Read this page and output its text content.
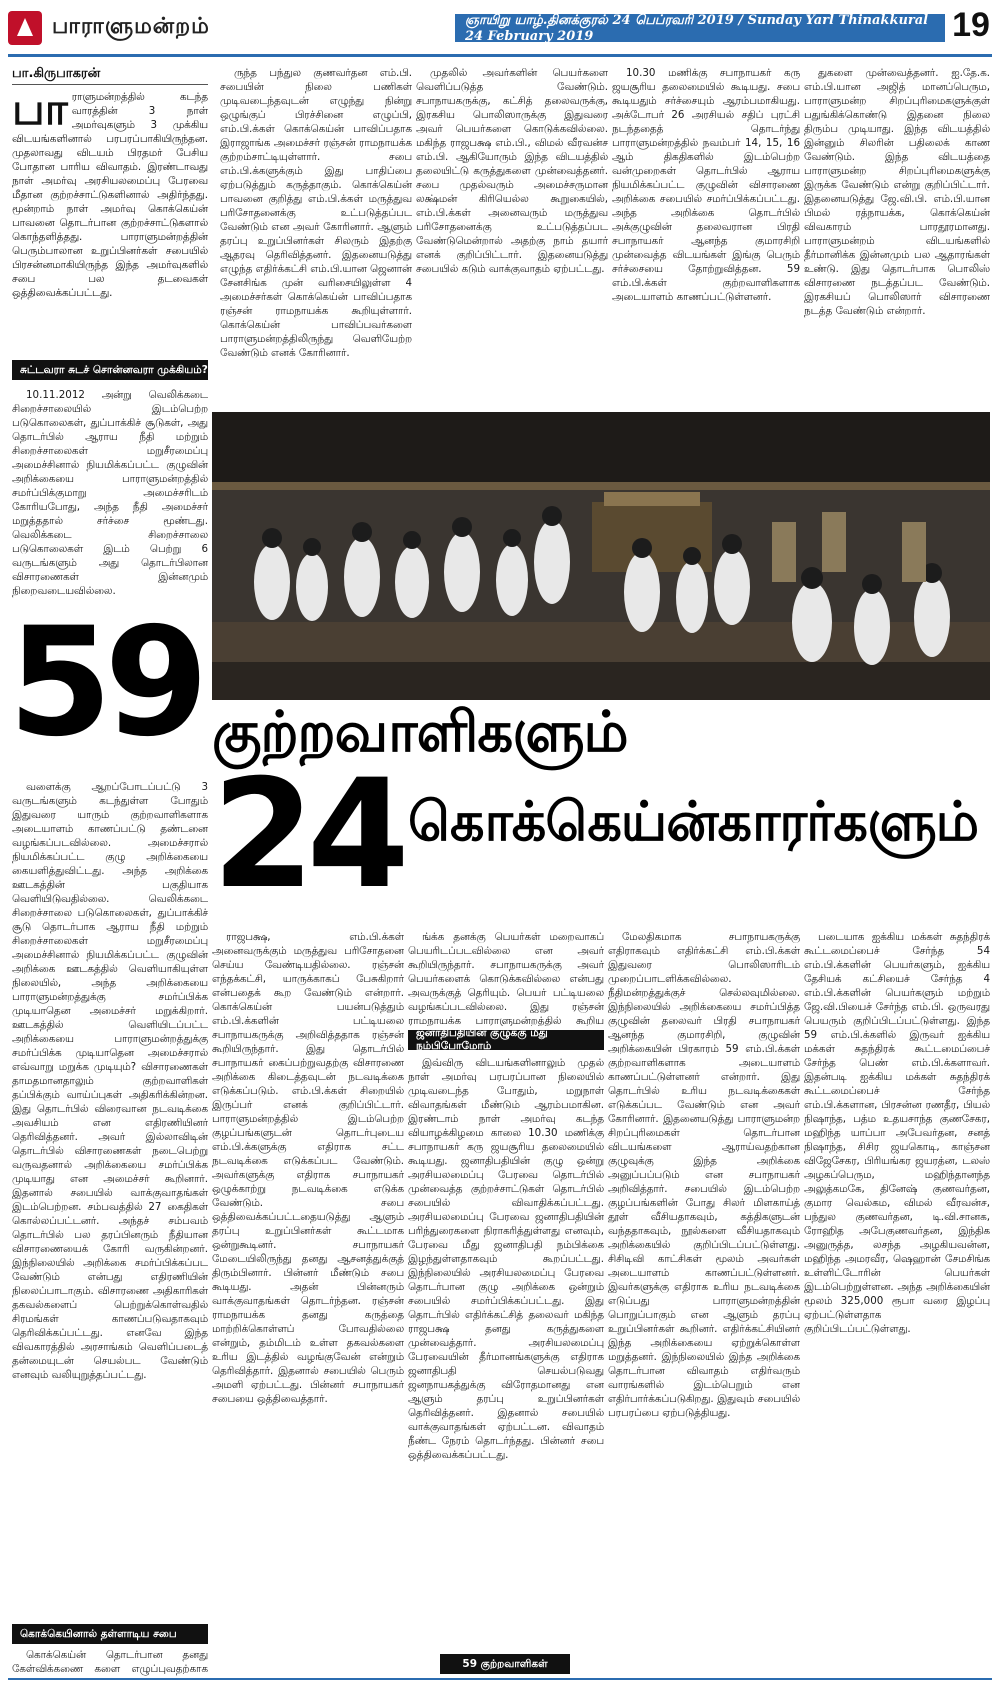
பாராளுமன்றம்	ஞாயிறு யாழ்.தினக்குரல் 24 பெப்ரவரி 2019 / Sunday Yarl Thinakkural 24 February 2019	19
பா.கிருபாகரன்
பா ராளுமன்றத்தில் கடந்த வாரத்தின் 3 நாள் அமர்வுகளும் 3 முக்கிய விடயங்களினால் பரபரப்பாகியிருந்தன. முதலாவது விடயம் பிரதமர் பேசிய போதான பாரிய விவாதம். இரண்டாவது நாள் அமர்வு அரசியலமைப்பு பேரவை மீதான குற்றச்சாட்டுகளினால் அதிர்ந்தது. மூன்றாம் நாள் அமர்வு கொக்கெய்ன் பாவனை தொடர்பான குற்றச்சாட்டுகளால் கொந்தளித்தது. பாராளுமன்றத்தின் பெரும்பாலான உறுப்பினர்கள் சபையில் பிரசன்னமாகியிருந்த இந்த அமர்வுகளில் சபை பல தடவைகள் ஒத்திவைக்கப்பட்டது.
சுட்டவரா சுடச் சொன்னவரா முக்கியம்?

10.11.2012 அன்று வெலிக்கடை சிறைச்சாலையில் இடம்பெற்ற படுகொலைகள், துப்பாக்கிச் சூடுகள், அது தொடர்பில் ஆராய நீதி மற்றும் சிறைச்சாலைகள் மறுசீரமைப்பு அமைச்சினால் நியமிக்கப்பட்ட குழுவின் அறிக்கையை பாராளுமன்றத்தில் சமர்ப்பிக்குமாறு அமைச்சரிடம் கோரியபோது, அந்த நீதி அமைச்சர் மறுத்ததால் சர்ச்சை மூண்டது. வெலிக்கடை சிறைச்சாலை படுகொலைகள் இடம் பெற்று 6 வருடங்களும் அது தொடர்பிலான விசாரணைகள் இன்னமும் நிறைவடையவில்லை.

ருந்த பந்துல குணவர்தன எம்.பி. சபையின் நிலை பணிகள் முடிவடைந்தவுடன் எழுந்து நின்று ஒழுங்குப் பிரச்சினை எழுப்பி, எம்.பி.க்கள் கொக்கெய்ன் பாவிப்பதாக இராஜாங்க அமைச்சர் ரஞ்சன் ராமநாயக்க குற்றம்சாட்டியுள்ளார். சபை எம்.பி.க்களுக்கும் இது பாதிப்பை ஏற்படுத்தும் கருத்தாகும். கொக்கெய்ன் பாவனை குறித்து எம்.பி.க்கள் மருத்துவ பரிசோதனைக்கு உட்படுத்தப்பட வேண்டும் என அவர் கோரினார். ஆளும் தரப்பு உறுப்பினர்கள் சிலரும் இதற்கு ஆதரவு தெரிவித்தனர். இதனையடுத்து எழுந்த எதிர்க்கட்சி எம்.பி.யான ஜெனான் சேனசிங்க முன் வரிசையிலுள்ள 4 அமைச்சர்கள் கொக்கெய்ன் பாவிப்பதாக ரஞ்சன் ராமநாயக்க கூறியுள்ளார். கொக்கெய்ன் பாவிப்பவர்களை பாராளுமன்றத்திலிருந்து வெளியேற்ற வேண்டும் எனக் கோரினார்.

முதலில் அவர்களின் பெயர்களை வெளிப்படுத்த வேண்டும். சபாநாயகருக்கு, கட்சித் தலைவருக்கு, இரகசிய பொலிஸாருக்கு இதுவரை அவர் பெயர்களை கொடுக்கவில்லை. மகிந்த ராஜபக்ஷ எம்.பி., விமல் வீரவன்ச எம்.பி. ஆகியோரும் இந்த விடயத்தில் தலையிட்டு கருத்துகளை முன்வைத்தனர். சபை முதல்வரும் அமைச்சருமான லக்ஷ்மன் கிரியெல்ல கூறுகையில், எம்.பி.க்கள் அனைவரும் மருத்துவ பரிசோதனைக்கு உட்படுத்தப்பட வேண்டுமென்றால் அதற்கு நாம் தயார் எனக் குறிப்பிட்டார். இதனையடுத்து சபையில் கடும் வாக்குவாதம் ஏற்பட்டது.

10.30 மணிக்கு சபாநாயகர் கரு ஜயசூரிய தலைமையில் கூடியது. சபை கூடியதும் சர்ச்சையும் ஆரம்பமாகியது. அக்டோபர் 26 அரசியல் சதிப் புரட்சி நடந்ததைத் தொடர்ந்து பாராளுமன்றத்தில் நவம்பர் 14, 15, 16 ஆம் திகதிகளில் இடம்பெற்ற வன்முறைகள் தொடர்பில் ஆராய நியமிக்கப்பட்ட குழுவின் விசாரணை அறிக்கை சபையில் சமர்ப்பிக்கப்பட்டது. அந்த அறிக்கை தொடர்பில் அக்குழுவின் தலைவரான பிரதி சபாநாயகர் ஆனந்த குமாரசிறி முன்வைத்த விடயங்கள் இங்கு பெரும் சர்ச்சையை தோற்றுவித்தன. 59 எம்.பி.க்கள் குற்றவாளிகளாக அடையாளம் காணப்பட்டுள்ளனர்.

துகளை முன்வைத்தனர். ஐ.தே.க. எம்.பி.யான அஜித் மானப்பெரும, பாராளுமன்ற சிறப்புரிமைகளுக்குள் பதுங்கிக்கொண்டு இதனை நிலை திரும்ப முடியாது. இந்த விடயத்தில் இன்னும் சிலரின் பதிலைக் காண வேண்டும். இந்த விடயத்தை பாராளுமன்ற சிறப்புரிமைகளுக்கு இருக்க வேண்டும் என்று குறிப்பிட்டார். இதனையடுத்து ஜே.வி.பி. எம்.பி.யான பிமல் ரத்நாயக்க, கொக்கெய்ன் விவகாரம் பாரதூரமானது. பாராளுமன்றம் விடயங்களில் தீர்மானிக்க இன்னமும் பல ஆதாரங்கள் உண்டு. இது தொடர்பாக பொலிஸ் விசாரணை நடத்தப்பட வேண்டும். இரகசியப் பொலிஸார் விசாரணை நடத்த வேண்டும் என்றார்.

59 குற்றவாளிகளும்
24 கொக்கெய்ன்காரர்களும்

வளைக்கு ஆறப்போடப்பட்டு 3 வருடங்களும் கடந்துள்ள போதும் இதுவரை யாரும் குற்றவாளிகளாக அடையாளம் காணப்பட்டு தண்டனை வழங்கப்படவில்லை. அமைச்சரால் நியமிக்கப்பட்ட குழு அறிக்கையை கையளித்துவிட்டது. அந்த அறிக்கை ஊடகத்தின் பகுதியாக வெளியிடுவதில்லை. வெலிக்கடை சிறைச்சாலை படுகொலைகள், துப்பாக்கிச் சூடு தொடர்பாக ஆராய நீதி மற்றும் சிறைச்சாலைகள் மறுசீரமைப்பு அமைச்சினால் நியமிக்கப்பட்ட குழுவின் அறிக்கை ஊடகத்தில் வெளியாகியுள்ள நிலையில், அந்த அறிக்கையை பாராளுமன்றத்துக்கு சமர்ப்பிக்க முடியாதென அமைச்சர் மறுக்கிறார். ஊடகத்தில் வெளியிடப்பட்ட அறிக்கையை பாராளுமன்றத்துக்கு சமர்ப்பிக்க முடியாதென அமைச்சரால் எவ்வாறு மறுக்க முடியும்? விசாரணைகள் தாமதமானதாலும் குற்றவாளிகள் தப்பிக்கும் வாய்ப்புகள் அதிகரிக்கின்றன. இது தொடர்பில் விரைவான நடவடிக்கை அவசியம் என எதிரணியினர் தெரிவித்தனர். அவர் இல்லாவிடின் தொடர்பில் விசாரணைகள் நடைபெற்று வருவதனால் அறிக்கையை சமர்ப்பிக்க முடியாது என அமைச்சர் கூறினார். இதனால் சபையில் வாக்குவாதங்கள் இடம்பெற்றன. சம்பவத்தில் 27 கைதிகள் கொல்லப்பட்டனர். அந்தச் சம்பவம் தொடர்பில் பல தரப்பினரும் நீதியான விசாரணையைக் கோரி வருகின்றனர். இந்நிலையில் அறிக்கை சமர்ப்பிக்கப்பட வேண்டும் என்பது எதிரணியின் நிலைப்பாடாகும். விசாரணை அதிகாரிகள் தகவல்களைப் பெற்றுக்கொள்வதில் சிரமங்கள் காணப்படுவதாகவும் தெரிவிக்கப்பட்டது. எனவே இந்த விவகாரத்தில் அரசாங்கம் வெளிப்படைத் தன்மையுடன் செயல்பட வேண்டும் எனவும் வலியுறுத்தப்பட்டது.

கொக்கெயினால் தள்ளாடிய சபை

கொக்கெய்ன் தொடர்பான தனது கேள்விக்கணை களை எழுப்புவதற்காக

ராஜபக்ஷ, எம்.பி.க்கள் அனைவருக்கும் மருத்துவ பரிசோதனை செய்ய வேண்டியதில்லை. ரஞ்சன் எந்தக்கட்சி, யாருக்காகப் பேசுகிறார் என்பதைக் கூற வேண்டும் என்றார். கொக்கெய்ன் பயன்படுத்தும் எம்.பி.க்களின் பட்டியலை சபாநாயகருக்கு அறிவித்ததாக ரஞ்சன் கூறியிருந்தார். இது தொடர்பில் சபாநாயகர் கைப்பற்றுவதற்கு விசாரணை அறிக்கை கிடைத்தவுடன் நடவடிக்கை எடுக்கப்படும். எம்.பி.க்கள் சிறையில் இருப்பர் எனக் குறிப்பிட்டார். பாராளுமன்றத்தில் இடம்பெற்ற குழப்பங்களுடன் தொடர்புடைய எம்.பி.க்களுக்கு எதிராக சட்ட நடவடிக்கை எடுக்கப்பட வேண்டும். அவர்களுக்கு எதிராக சபாநாயகர் ஒழுக்காற்று நடவடிக்கை எடுக்க வேண்டும். சபை ஒத்திவைக்கப்பட்டதையடுத்து ஆளும் தரப்பு உறுப்பினர்கள் கூட்டமாக ஒன்றுகூடினர். சபாநாயகர் மேடையிலிருந்து தனது ஆசனத்துக்குத் திரும்பினார். பின்னர் மீண்டும் சபை கூடியது. அதன் பின்னரும் வாக்குவாதங்கள் தொடர்ந்தன. ரஞ்சன் ராமநாயக்க தனது கருத்தை மாற்றிக்கொள்ளப் போவதில்லை என்றும், தம்மிடம் உள்ள தகவல்களை உரிய இடத்தில் வழங்குவேன் என்றும் தெரிவித்தார். இதனால் சபையில் பெரும் அமளி ஏற்பட்டது. பின்னர் சபாநாயகர் சபையை ஒத்திவைத்தார்.

ங்க்க தனக்கு பெயர்கள் மறைவாகப் பெயரிடப்படவில்லை என அவர் கூறியிருந்தார். சபாநாயகருக்கு அவர் பெயர்களைக் கொடுக்கவில்லை என்பது அவருக்குத் தெரியும். பெயர் பட்டியலை வழங்கப்படவில்லை. இது ரஞ்சன் ராமநாயக்க பாராளுமன்றத்தில் கூறிய

ஜனாதிபதியின் குழுக்கு மீது நம்பிபோமோம்

இவ்விரு விடயங்களினாலும் முதல் நாள் அமர்வு பரபரப்பான நிலையில் முடிவடைந்த போதும், மறுநாள் விவாதங்கள் மீண்டும் ஆரம்பமாகின. இரண்டாம் நாள் அமர்வு கடந்த வியாழக்கிழமை காலை 10.30 மணிக்கு சபாநாயகர் கரு ஜயசூரிய தலைமையில் கூடியது. ஜனாதிபதியின் குழு ஒன்று அரசியலமைப்பு பேரவை தொடர்பில் முன்வைத்த குற்றச்சாட்டுகள் தொடர்பில் சபையில் விவாதிக்கப்பட்டது. அரசியலமைப்பு பேரவை ஜனாதிபதியின் பரிந்துரைகளை நிராகரித்துள்ளது எனவும், பேரவை மீது ஜனாதிபதி நம்பிக்கை இழந்துள்ளதாகவும் கூறப்பட்டது. இந்நிலையில் அரசியலமைப்பு பேரவை தொடர்பான குழு அறிக்கை ஒன்றும் சபையில் சமர்ப்பிக்கப்பட்டது. இது தொடர்பில் எதிர்க்கட்சித் தலைவர் மகிந்த ராஜபக்ஷ தனது கருத்துகளை முன்வைத்தார். அரசியலமைப்பு பேரவையின் தீர்மானங்களுக்கு எதிராக ஜனாதிபதி செயல்படுவது ஜனநாயகத்துக்கு விரோதமானது என ஆளும் தரப்பு உறுப்பினர்கள் தெரிவித்தனர். இதனால் சபையில் வாக்குவாதங்கள் ஏற்பட்டன. விவாதம் நீண்ட நேரம் தொடர்ந்தது. பின்னர் சபை ஒத்திவைக்கப்பட்டது.

மேலதிகமாக சபாநாயகருக்கு எதிராகவும் எதிர்க்கட்சி எம்.பி.க்கள் இதுவரை பொலிஸாரிடம் முறைப்பாடளிக்கவில்லை. நீதிமன்றத்துக்குச் செல்லவுமில்லை. இந்நிலையில் அறிக்கையை சமர்ப்பித்த குழுவின் தலைவர் பிரதி சபாநாயகர் ஆனந்த குமாரசிறி, குழுவின் அறிக்கையின் பிரகாரம் 59 எம்.பி.க்கள் குற்றவாளிகளாக அடையாளம் காணப்பட்டுள்ளனர் என்றார். இது தொடர்பில் உரிய நடவடிக்கைகள் எடுக்கப்பட வேண்டும் என அவர் கோரினார். இதனையடுத்து பாராளுமன்ற சிறப்புரிமைகள் தொடர்பான விடயங்களை ஆராய்வதற்கான குழுவுக்கு இந்த அறிக்கை அனுப்பப்படும் என சபாநாயகர் அறிவித்தார். சபையில் இடம்பெற்ற குழப்பங்களின் போது சிலர் மிளகாய்த் தூள் வீசியதாகவும், கத்திகளுடன் வந்ததாகவும், நூல்களை வீசியதாகவும் அறிக்கையில் குறிப்பிடப்பட்டுள்ளது. சிசிடிவி காட்சிகள் மூலம் அவர்கள் அடையாளம் காணப்பட்டுள்ளனர். இவர்களுக்கு எதிராக உரிய நடவடிக்கை எடுப்பது பாராளுமன்றத்தின் பொறுப்பாகும் என ஆளும் தரப்பு உறுப்பினர்கள் கூறினர். எதிர்க்கட்சியினர் இந்த அறிக்கையை ஏற்றுக்கொள்ள மறுத்தனர். இந்நிலையில் இந்த அறிக்கை தொடர்பான விவாதம் எதிர்வரும் வாரங்களில் இடம்பெறும் என எதிர்பார்க்கப்படுகிறது. இதுவும் சபையில் பரபரப்பை ஏற்படுத்தியது.

படையாக ஐக்கிய மக்கள் சுதந்திரக் கூட்டமைப்பைச் சேர்ந்த 54 எம்.பி.க்களின் பெயர்களும், ஐக்கிய தேசியக் கட்சியைச் சேர்ந்த 4 எம்.பி.க்களின் பெயர்களும் மற்றும் ஜே.வி.பியைச் சேர்ந்த எம்.பி. ஒருவரது பெயரும் குறிப்பிடப்பட்டுள்ளது. இந்த 59 எம்.பி.க்களில் இருவர் ஐக்கிய மக்கள் சுதந்திரக் கூட்டமைப்பைச் சேர்ந்த பெண் எம்.பி.க்களாவர். இதன்படி ஐக்கிய மக்கள் சுதந்திரக் கூட்டமைப்பைச் சேர்ந்த எம்.பி.க்களான, பிரசன்ன ரணதீர, பியல் நிஷாந்த, பத்ம உதயசாந்த குணசேகர, மஹிந்த யாப்பா அபேவர்தன, சனத் நிஷாந்த, சிசிர ஜயகொடி, காஞ்சன விஜேசேகர, பிரியங்கர ஜயரத்ன, டலஸ் அழகப்பெரும, மஹிந்தானந்த அலுத்கமகே, தினேஷ் குணவர்தன, குமார வெல்கம, விமல் வீரவன்ச, பந்துல குணவர்தன, டி.வி.சானக, ரோஹித அபேகுணவர்தன, இந்திக அனுருத்த, லசந்த அழகியவன்ன, மஹிந்த அமரவீர, ஷெஹான் சேமசிங்க உள்ளிட்டோரின் பெயர்கள் இடம்பெற்றுள்ளன. அந்த அறிக்கையின் மூலம் 325,000 ரூபா வரை இழப்பு ஏற்பட்டுள்ளதாக குறிப்பிடப்பட்டுள்ளது.

59 குற்றவாளிகள்
